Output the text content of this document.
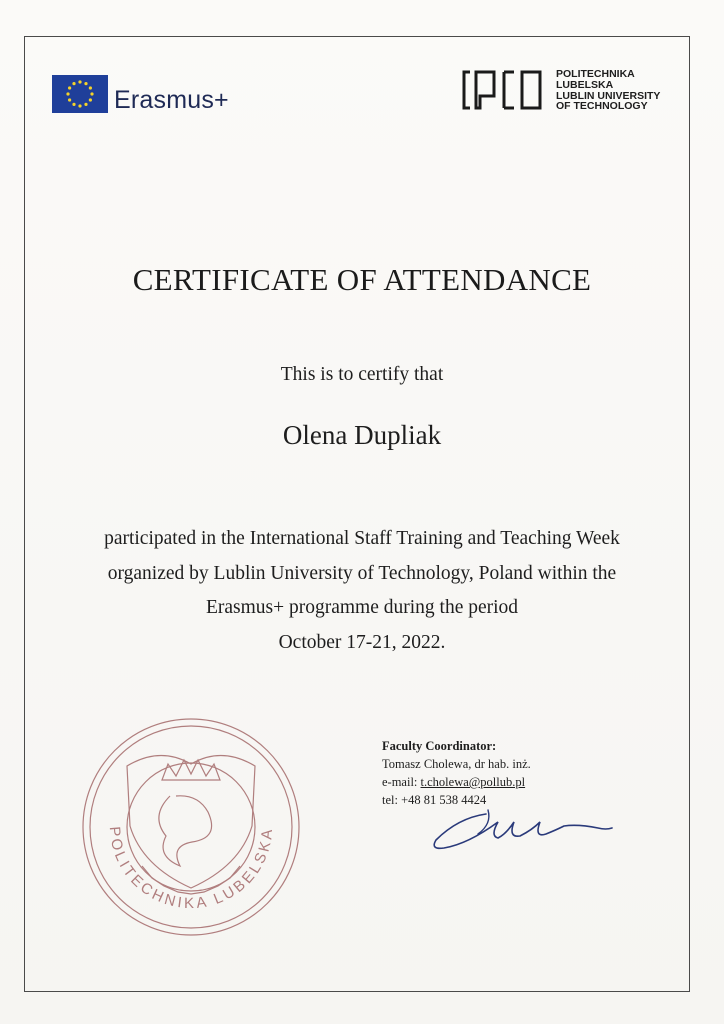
Erasmus+
POLITECHNIKA
LUBELSKA
LUBLIN UNIVERSITY
OF TECHNOLOGY
CERTIFICATE OF ATTENDANCE
This is to certify that
Olena Dupliak
participated in the International Staff Training and Teaching Week
organized by Lublin University of Technology, Poland within the
Erasmus+ programme during the period
October 17-21, 2022.
POLITECHNIKA LUBELSKA
Faculty Coordinator:
Tomasz Cholewa, dr hab. inż.
e-mail: t.cholewa@pollub.pl
tel: +48 81 538 4424
